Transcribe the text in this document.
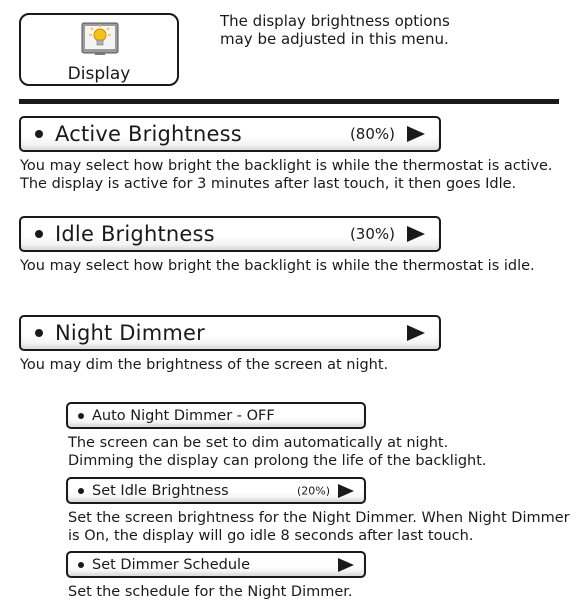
Display

The display brightness options
may be adjusted in this menu.

Active Brightness	(80%)

You may select how bright the backlight is while the thermostat is active.
The display is active for 3 minutes after last touch, it then goes Idle.

Idle Brightness	(30%)

You may select how bright the backlight is while the thermostat is idle.

Night Dimmer

You may dim the brightness of the screen at night.

Auto Night Dimmer - OFF

The screen can be set to dim automatically at night.
Dimming the display can prolong the life of the backlight.

Set Idle Brightness	(20%)

Set the screen brightness for the Night Dimmer. When Night Dimmer
is On, the display will go idle 8 seconds after last touch.

Set Dimmer Schedule

Set the schedule for the Night Dimmer.
